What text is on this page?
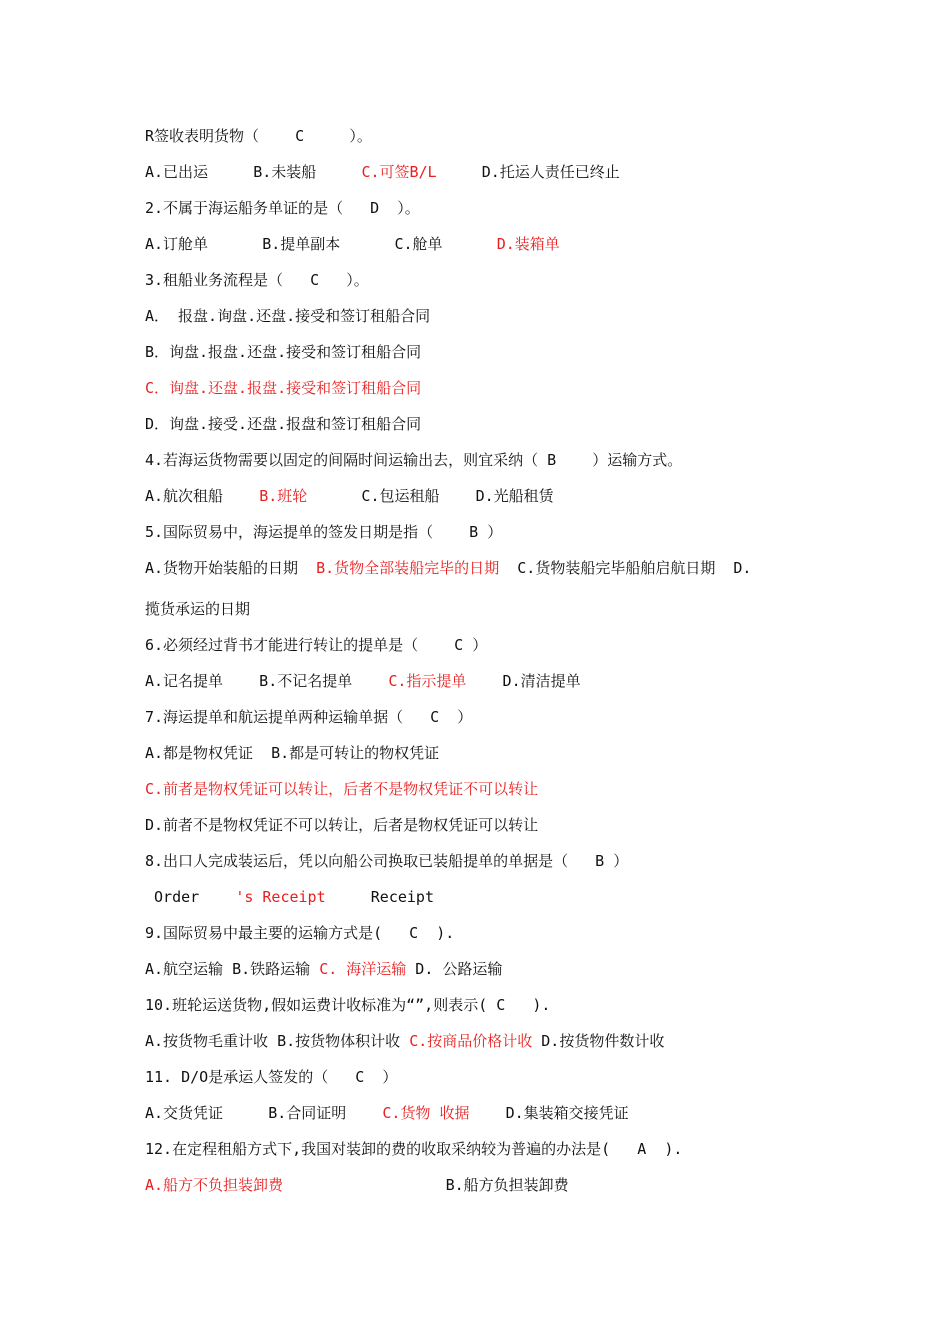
R签收表明货物（    C     ）。
A.已出运     B.未装船     C.可签B/L     D.托运人责任已终止
2.不属于海运船务单证的是（   D  ）。
A.订舱单      B.提单副本      C.舱单      D.装箱单
3.租船业务流程是（   C   ）。
A． 报盘.询盘.还盘.接受和签订租船合同
B．询盘.报盘.还盘.接受和签订租船合同
C．询盘.还盘.报盘.接受和签订租船合同
D．询盘.接受.还盘.报盘和签订租船合同
4.若海运货物需要以固定的间隔时间运输出去，则宜采纳（ B    ）运输方式。
A.航次租船    B.班轮      C.包运租船    D.光船租赁
5.国际贸易中，海运提单的签发日期是指（    B ）
A.货物开始装船的日期  B.货物全部装船完毕的日期  C.货物装船完毕船舶启航日期  D.
揽货承运的日期
6.必须经过背书才能进行转让的提单是（    C ）
A.记名提单    B.不记名提单    C.指示提单    D.清洁提单
7.海运提单和航运提单两种运输单据（   C  ）
A.都是物权凭证  B.都是可转让的物权凭证
C.前者是物权凭证可以转让，后者不是物权凭证不可以转让
D.前者不是物权凭证不可以转让，后者是物权凭证可以转让
8.出口人完成装运后，凭以向船公司换取已装船提单的单据是（   B ）
Order    's Receipt     Receipt
9.国际贸易中最主要的运输方式是(   C  ).
A.航空运输 B.铁路运输 C. 海洋运输 D. 公路运输
10.班轮运送货物,假如运费计收标准为“”,则表示( C   ).
A.按货物毛重计收 B.按货物体积计收 C.按商品价格计收 D.按货物件数计收
11. D/O是承运人签发的（   C  ）
A.交货凭证     B.合同证明    C.货物 收据    D.集装箱交接凭证
12.在定程租船方式下,我国对装卸的费的收取采纳较为普遍的办法是(   A  ).
A.船方不负担装卸费                  B.船方负担装卸费
